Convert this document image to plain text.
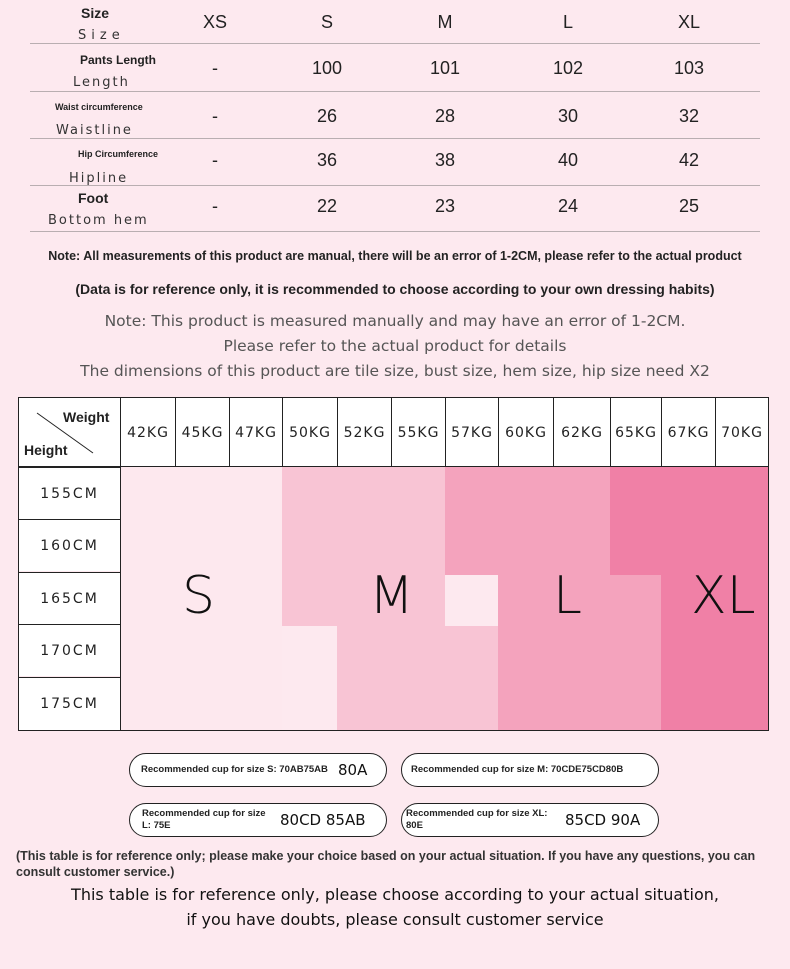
Size
Size
XS	S	M	L	XL
Pants Length
Length
-	100	101	102	103
Waist circumference
Waistline
-	26	28	30	32
Hip Circumference
Hipline
-	36	38	40	42
Foot
Bottom hem
-	22	23	24	25
Note: All measurements of this product are manual, there will be an error of 1-2CM, please refer to the actual product
(Data is for reference only, it is recommended to choose according to your own dressing habits)
Note: This product is measured manually and may have an error of 1-2CM.
Please refer to the actual product for details
The dimensions of this product are tile size, bust size, hem size, hip size need X2
S	M	L XL
Weight
Height
42KG 45KG 47KG 50KG 52KG 55KG 57KG 60KG	62KG 65KG 67KG 70KG
155CM
160CM
165CM
170CM
175CM
Recommended cup for size S: 70AB75AB 80A	Recommended cup for size M: 70CDE75CD80B
Recommended cup for size L: 75E	80CD 85AB	Recommended cup for size XL: 80E	85CD 90A
(This table is for reference only; please make your choice based on your actual situation. If you have any questions, you can consult customer service.)
This table is for reference only, please choose according to your actual situation,
if you have doubts, please consult customer service
